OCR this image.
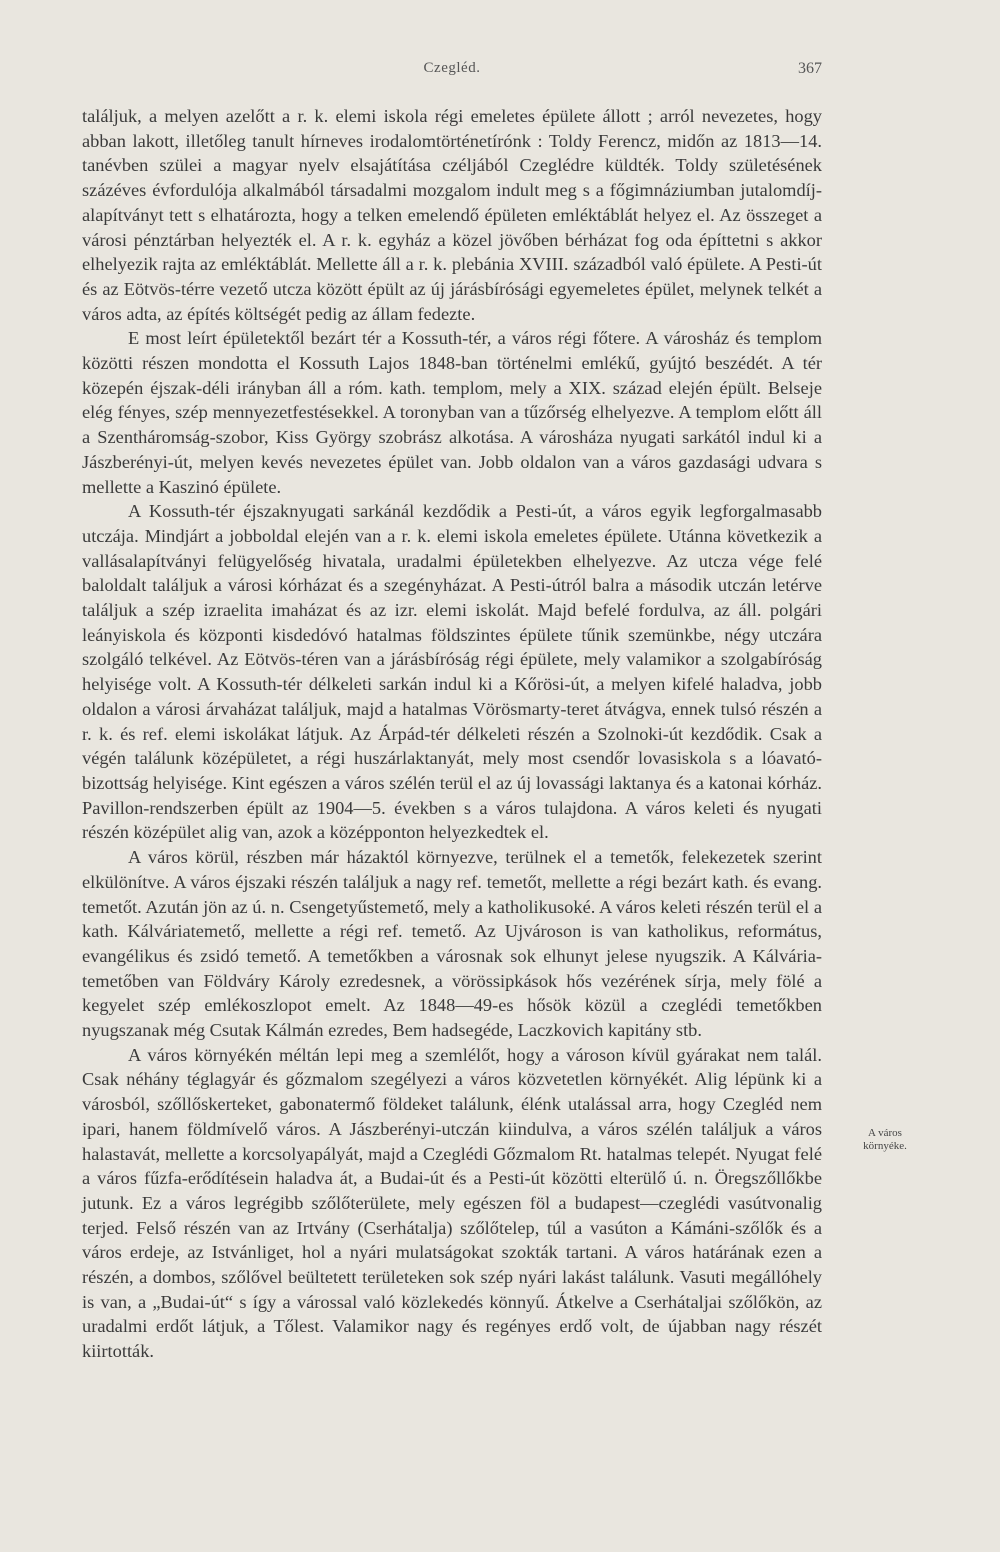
Czegléd.	367

találjuk, a melyen azelőtt a r. k. elemi iskola régi emeletes épülete állott ; arról nevezetes, hogy abban lakott, illetőleg tanult hírneves irodalomtörténetírónk : Toldy Ferencz, midőn az 1813—14. tanévben szülei a magyar nyelv elsajátítása czéljából Czeglédre küldték. Toldy születésének százéves évfordulója alkalmából társadalmi mozgalom indult meg s a főgimnáziumban jutalomdíj-alapítványt tett s elhatározta, hogy a telken emelendő épületen emléktáblát helyez el. Az összeget a városi pénztárban helyezték el. A r. k. egyház a közel jövőben bérházat fog oda építtetni s akkor elhelyezik rajta az emléktáblát. Mellette áll a r. k. plebánia XVIII. századból való épülete. A Pesti-út és az Eötvös-térre vezető utcza között épült az új járásbírósági egyemeletes épület, melynek telkét a város adta, az építés költségét pedig az állam fedezte.

E most leírt épületektől bezárt tér a Kossuth-tér, a város régi főtere. A városház és templom közötti részen mondotta el Kossuth Lajos 1848-ban történelmi emlékű, gyújtó beszédét. A tér közepén éjszak-déli irányban áll a róm. kath. templom, mely a XIX. század elején épült. Belseje elég fényes, szép mennyezetfestésekkel. A toronyban van a tűzőrség elhelyezve. A templom előtt áll a Szentháromság-szobor, Kiss György szobrász alkotása. A városháza nyugati sarkától indul ki a Jászberényi-út, melyen kevés nevezetes épület van. Jobb oldalon van a város gazdasági udvara s mellette a Kaszinó épülete.

A Kossuth-tér éjszaknyugati sarkánál kezdődik a Pesti-út, a város egyik legforgalmasabb utczája. Mindjárt a jobboldal elején van a r. k. elemi iskola emeletes épülete. Utánna következik a vallásalapítványi felügyelőség hivatala, uradalmi épületekben elhelyezve. Az utcza vége felé baloldalt találjuk a városi kórházat és a szegényházat. A Pesti-útról balra a második utczán letérve találjuk a szép izraelita imaházat és az izr. elemi iskolát. Majd befelé fordulva, az áll. polgári leányiskola és központi kisdedóvó hatalmas földszintes épülete tűnik szemünkbe, négy utczára szolgáló telkével. Az Eötvös-téren van a járásbíróság régi épülete, mely valamikor a szolgabíróság helyisége volt. A Kossuth-tér délkeleti sarkán indul ki a Kőrösi-út, a melyen kifelé haladva, jobb oldalon a városi árvaházat találjuk, majd a hatalmas Vörösmarty-teret átvágva, ennek tulsó részén a r. k. és ref. elemi iskolákat látjuk. Az Árpád-tér délkeleti részén a Szolnoki-út kezdődik. Csak a végén találunk középületet, a régi huszárlaktanyát, mely most csendőr lovasiskola s a lóavató-bizottság helyisége. Kint egészen a város szélén terül el az új lovassági laktanya és a katonai kórház. Pavillon-rendszerben épült az 1904—5. években s a város tulajdona. A város keleti és nyugati részén középület alig van, azok a középponton helyezkedtek el.

A város körül, részben már házaktól környezve, terülnek el a temetők, felekezetek szerint elkülönítve. A város éjszaki részén találjuk a nagy ref. temetőt, mellette a régi bezárt kath. és evang. temetőt. Azután jön az ú. n. Csengetyűstemető, mely a katholikusoké. A város keleti részén terül el a kath. Kálváriatemető, mellette a régi ref. temető. Az Ujvároson is van katholikus, református, evangélikus és zsidó temető. A temetőkben a városnak sok elhunyt jelese nyugszik. A Kálvária-temetőben van Földváry Károly ezredesnek, a vörössipkások hős vezérének sírja, mely fölé a kegyelet szép emlékoszlopot emelt. Az 1848—49-es hősök közül a czeglédi temetőkben nyugszanak még Csutak Kálmán ezredes, Bem hadsegéde, Laczkovich kapitány stb.

A város környékén méltán lepi meg a szemlélőt, hogy a városon kívül gyárakat nem talál. Csak néhány téglagyár és gőzmalom szegélyezi a város közvetetlen környékét. Alig lépünk ki a városból, szőllőskerteket, gabonatermő földeket találunk, élénk utalással arra, hogy Czegléd nem ipari, hanem földmívelő város. A Jászberényi-utczán kiindulva, a város szélén találjuk a város halastavát, mellette a korcsolyapályát, majd a Czeglédi Gőzmalom Rt. hatalmas telepét. Nyugat felé a város fűzfa-erődítésein haladva át, a Budai-út és a Pesti-út közötti elterülő ú. n. Öregszőllőkbe jutunk. Ez a város legrégibb szőlőterülete, mely egészen föl a budapest—czeglédi vasútvonalig terjed. Felső részén van az Irtvány (Cserhátalja) szőlőtelep, túl a vasúton a Kámáni-szőlők és a város erdeje, az Istvánliget, hol a nyári mulatságokat szokták tartani. A város határának ezen a részén, a dombos, szőlővel beültetett területeken sok szép nyári lakást találunk. Vasuti megállóhely is van, a „Budai-út“ s így a várossal való közlekedés könnyű. Átkelve a Cserhátaljai szőlőkön, az uradalmi erdőt látjuk, a Tőlest. Valamikor nagy és regényes erdő volt, de újabban nagy részét kiirtották.

A város
környéke.
